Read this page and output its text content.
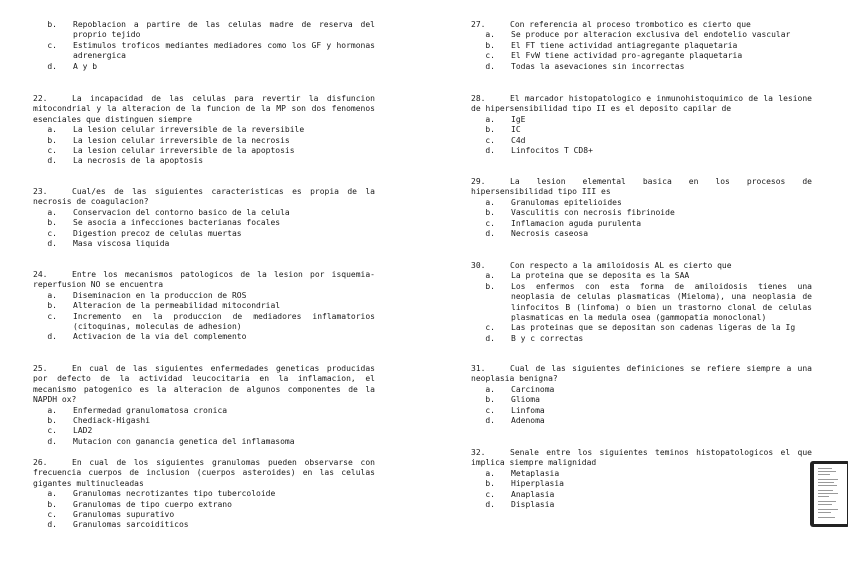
b.	Repoblacion a partire de las celulas madre de reserva del proprio tejido
c.	Estimulos troficos mediantes mediadores como los GF y hormonas adrenergica
d.	A y b
22.	La incapacidad de las celulas para revertir la disfuncion mitocondrial y la alteracion de la funcion de la MP son dos fenomenos esenciales que distinguen siempre
a.	La lesion celular irreversible de la reversibile
b.	La lesion celular irreversible de la necrosis
c.	La lesion celular irreversible de la apoptosis
d.	La necrosis de la apoptosis
23.	Cual/es de las siguientes caracteristicas es propia de la necrosis de coagulacion?
a.	Conservacion del contorno basico de la celula
b.	Se asocia a infecciones bacterianas focales
c.	Digestion precoz de celulas muertas
d.	Masa viscosa liquida
24.	Entre los mecanismos patologicos de la lesion por isquemia-reperfusion NO se encuentra
a.	Diseminacion en la produccion de ROS
b.	Alteracion de la permeabilidad mitocondrial
c.	Incremento en la produccion de mediadores inflamatorios (citoquinas, moleculas de adhesion)
d.	Activacion de la via del complemento
25.	En cual de las siguientes enfermedades geneticas producidas por defecto de la actividad leucocitaria en la inflamacion, el mecanismo patogenico es la alteracion de algunos componentes de la NAPDH ox?
a.	Enfermedad granulomatosa cronica
b.	Chediack-Higashi
c.	LAD2
d.	Mutacion con ganancia genetica del inflamasoma
26.	En cual de los siguientes granulomas pueden observarse con frecuencia cuerpos de inclusion (cuerpos asteroides) en las celulas gigantes multinucleadas
a.	Granulomas necrotizantes tipo tubercoloide
b.	Granulomas de tipo cuerpo extrano
c.	Granulomas supurativo
d.	Granulomas sarcoiditicos
27.	Con referencia al proceso trombotico es cierto que
a.	Se produce por alteracion exclusiva del endotelio vascular
b.	El FT tiene actividad antiagregante plaquetaria
c.	El FvW tiene actividad pro-agregante plaquetaria
d.	Todas la asevaciones sin incorrectas
28.	El marcador histopatologico e inmunohistoquimico de la lesione de hipersensibilidad tipo II es el deposito capilar de
a.	IgE
b.	IC
c.	C4d
d.	Linfocitos T CD8+
29.	La lesion elemental basica en los procesos de hipersensibilidad tipo III es
a.	Granulomas epitelioides
b.	Vasculitis con necrosis fibrinoide
c.	Inflamacion aguda purulenta
d.	Necrosis caseosa
30.	Con respecto a la amiloidosis AL es cierto que
a.	La proteina que se deposita es la SAA
b.	Los enfermos con esta forma de amiloidosis tienes una neoplasia de celulas plasmaticas (Mieloma), una neoplasia de linfocitos B (linfoma) o bien un trastorno clonal de celulas plasmaticas en la medula osea (gammopatia monoclonal)
c.	Las proteinas que se depositan son cadenas ligeras de la Ig
d.	B y c correctas
31.	Cual de las siguientes definiciones se refiere siempre a una neoplasia benigna?
a.	Carcinoma
b.	Glioma
c.	Linfoma
d.	Adenoma
32.	Senale entre los siguientes teminos histopatologicos el que implica siempre malignidad
a.	Metaplasia
b.	Hiperplasia
c.	Anaplasia
d.	Displasia
